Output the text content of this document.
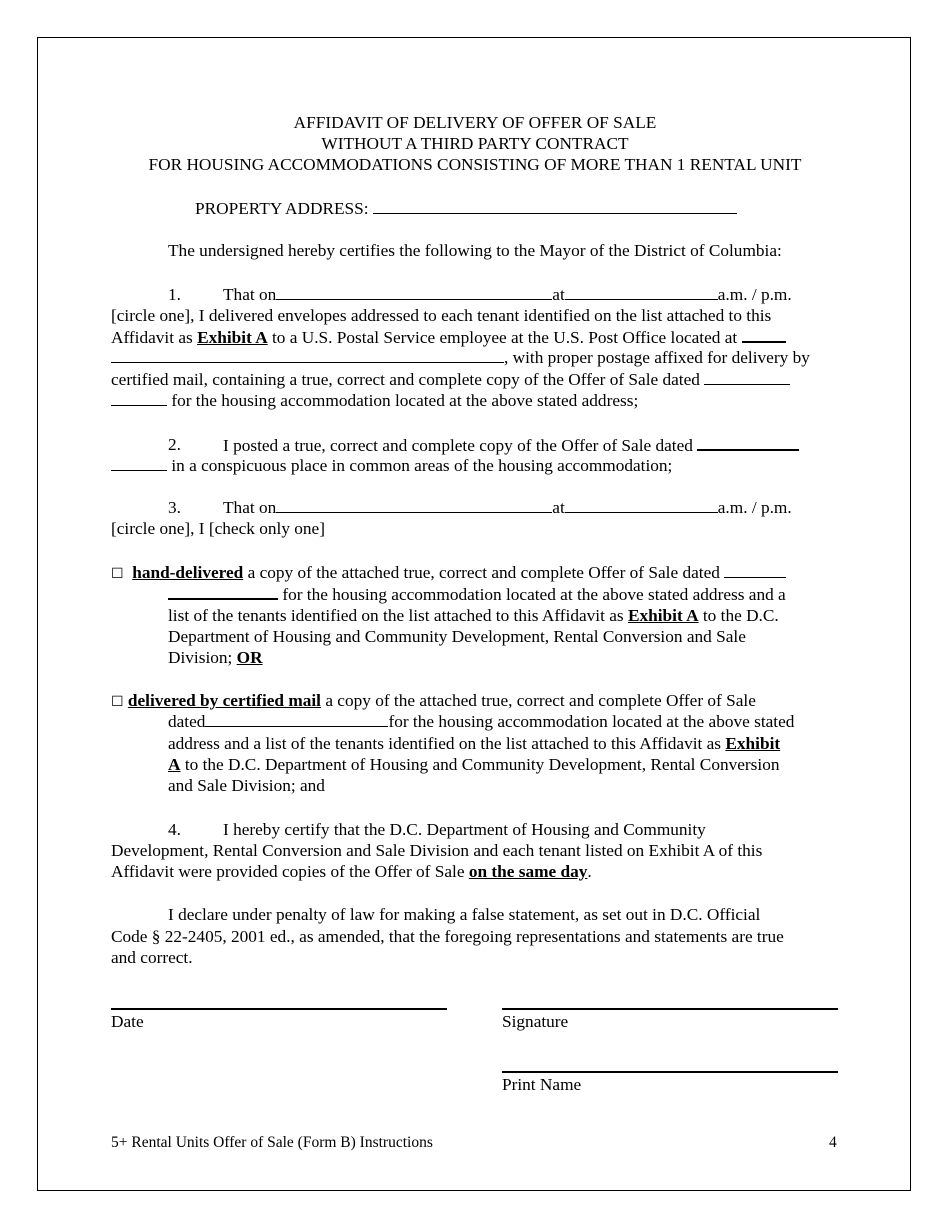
AFFIDAVIT OF DELIVERY OF OFFER OF SALE
WITHOUT A THIRD PARTY CONTRACT
FOR HOUSING ACCOMMODATIONS CONSISTING OF MORE THAN 1 RENTAL UNIT
PROPERTY ADDRESS:
The undersigned hereby certifies the following to the Mayor of the District of Columbia:
1. That on	at	a.m. / p.m.
[circle one], I delivered envelopes addressed to each tenant identified on the list attached to this
Affidavit as Exhibit A to a U.S. Postal Service employee at the U.S. Post Office located at
, with proper postage affixed for delivery by
certified mail, containing a true, correct and complete copy of the Offer of Sale dated
for the housing accommodation located at the above stated address;
2. I posted a true, correct and complete copy of the Offer of Sale dated
in a conspicuous place in common areas of the housing accommodation;
3. That on	at	a.m. / p.m.
[circle one], I [check only one]
☐ hand-delivered a copy of the attached true, correct and complete Offer of Sale dated
for the housing accommodation located at the above stated address and a
list of the tenants identified on the list attached to this Affidavit as Exhibit A to the D.C.
Department of Housing and Community Development, Rental Conversion and Sale
Division; OR
☐ delivered by certified mail a copy of the attached true, correct and complete Offer of Sale
dated	for the housing accommodation located at the above stated
address and a list of the tenants identified on the list attached to this Affidavit as Exhibit
A to the D.C. Department of Housing and Community Development, Rental Conversion
and Sale Division; and
4. I hereby certify that the D.C. Department of Housing and Community
Development, Rental Conversion and Sale Division and each tenant listed on Exhibit A of this
Affidavit were provided copies of the Offer of Sale on the same day.
I declare under penalty of law for making a false statement, as set out in D.C. Official
Code § 22-2405, 2001 ed., as amended, that the foregoing representations and statements are true
and correct.
Date	Signature
Print Name
5+ Rental Units Offer of Sale (Form B) Instructions	4
